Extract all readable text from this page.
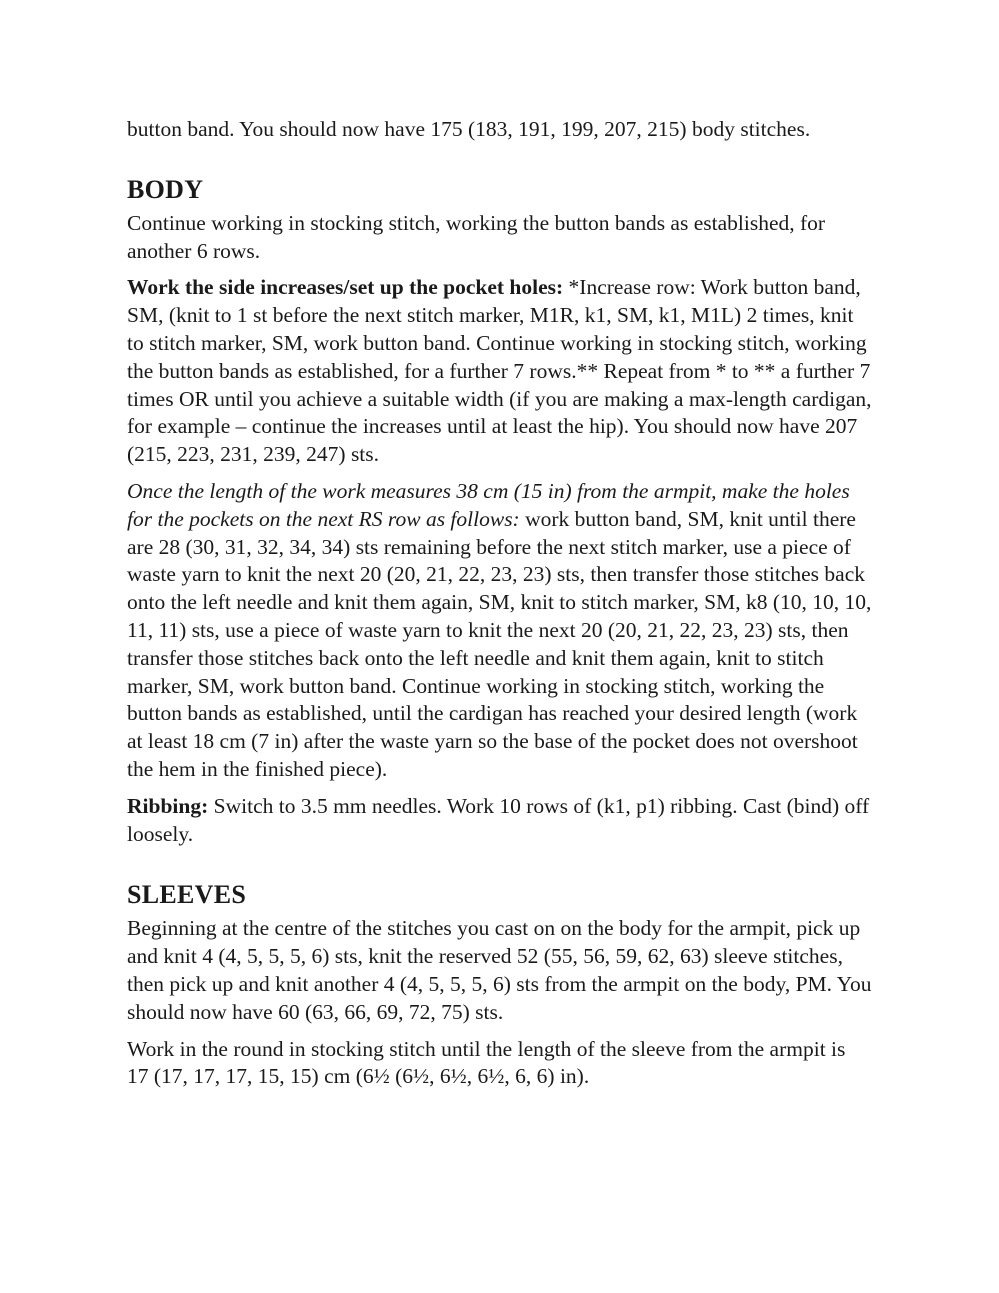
button band. You should now have 175 (183, 191, 199, 207, 215) body stitches.

BODY

Continue working in stocking stitch, working the button bands as established, for another 6 rows.

Work the side increases/set up the pocket holes: *Increase row: Work button band, SM, (knit to 1 st before the next stitch marker, M1R, k1, SM, k1, M1L) 2 times, knit to stitch marker, SM, work button band. Continue working in stocking stitch, working the button bands as established, for a further 7 rows.** Repeat from * to ** a further 7 times OR until you achieve a suitable width (if you are making a max-length cardigan, for example – continue the increases until at least the hip). You should now have 207 (215, 223, 231, 239, 247) sts.

Once the length of the work measures 38 cm (15 in) from the armpit, make the holes for the pockets on the next RS row as follows: work button band, SM, knit until there are 28 (30, 31, 32, 34, 34) sts remaining before the next stitch marker, use a piece of waste yarn to knit the next 20 (20, 21, 22, 23, 23) sts, then transfer those stitches back onto the left needle and knit them again, SM, knit to stitch marker, SM, k8 (10, 10, 10, 11, 11) sts, use a piece of waste yarn to knit the next 20 (20, 21, 22, 23, 23) sts, then transfer those stitches back onto the left needle and knit them again, knit to stitch marker, SM, work button band. Continue working in stocking stitch, working the button bands as established, until the cardigan has reached your desired length (work at least 18 cm (7 in) after the waste yarn so the base of the pocket does not overshoot the hem in the finished piece).

Ribbing: Switch to 3.5 mm needles. Work 10 rows of (k1, p1) ribbing. Cast (bind) off loosely.

SLEEVES

Beginning at the centre of the stitches you cast on on the body for the armpit, pick up and knit 4 (4, 5, 5, 5, 6) sts, knit the reserved 52 (55, 56, 59, 62, 63) sleeve stitches, then pick up and knit another 4 (4, 5, 5, 5, 6) sts from the armpit on the body, PM. You should now have 60 (63, 66, 69, 72, 75) sts.

Work in the round in stocking stitch until the length of the sleeve from the armpit is 17 (17, 17, 17, 15, 15) cm (6½ (6½, 6½, 6½, 6, 6) in).
